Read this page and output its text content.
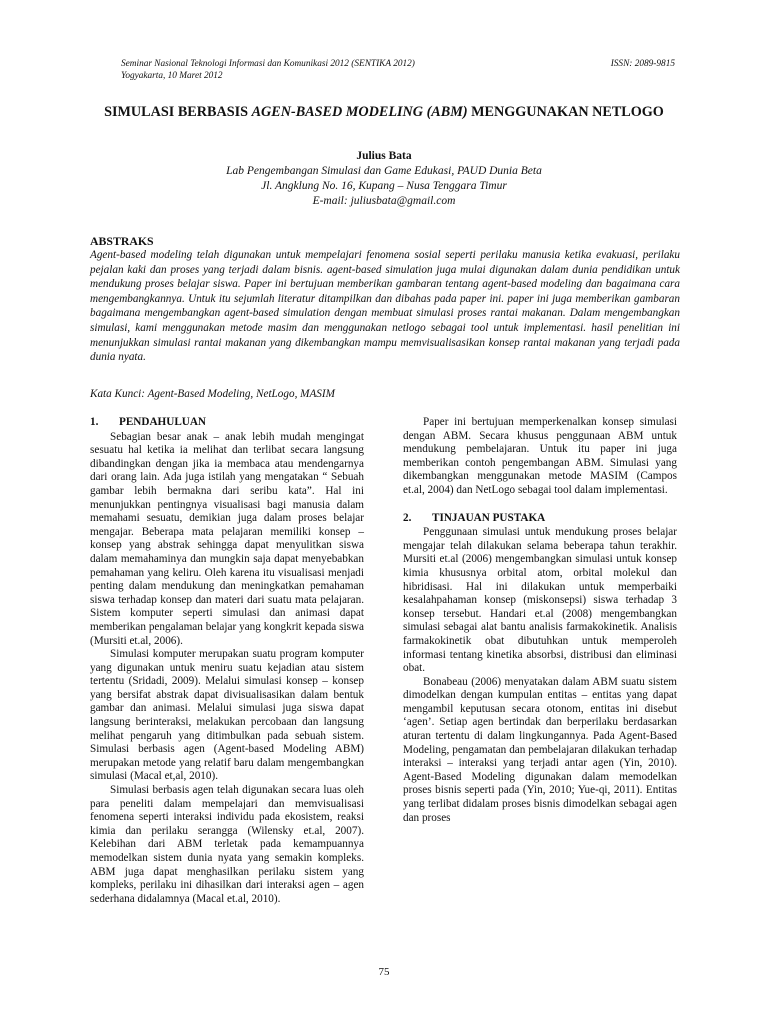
Seminar Nasional Teknologi Informasi dan Komunikasi 2012 (SENTIKA 2012)
Yogyakarta, 10 Maret 2012
ISSN: 2089-9815
SIMULASI BERBASIS AGEN-BASED MODELING (ABM) MENGGUNAKAN NETLOGO
Julius Bata
Lab Pengembangan Simulasi dan Game Edukasi, PAUD Dunia Beta
Jl. Angklung No. 16, Kupang – Nusa Tenggara Timur
E-mail: juliusbata@gmail.com
ABSTRAKS
Agent-based modeling telah digunakan untuk mempelajari fenomena sosial seperti perilaku manusia ketika evakuasi, perilaku pejalan kaki dan proses yang terjadi dalam bisnis. agent-based simulation juga mulai digunakan dalam dunia pendidikan untuk mendukung proses belajar siswa. Paper ini bertujuan memberikan gambaran tentang agent-based modeling dan bagaimana cara mengembangkannya. Untuk itu sejumlah literatur ditampilkan dan dibahas pada paper ini. paper ini juga memberikan gambaran bagaimana mengembangkan agent-based simulation dengan membuat simulasi proses rantai makanan. Dalam mengembangkan simulasi, kami menggunakan metode masim dan menggunakan netlogo sebagai tool untuk implementasi. hasil penelitian ini menunjukkan simulasi rantai makanan yang dikembangkan mampu memvisualisasikan konsep rantai makanan yang terjadi pada dunia nyata.
Kata Kunci: Agent-Based Modeling, NetLogo, MASIM
1. PENDAHULUAN

Sebagian besar anak – anak lebih mudah mengingat sesuatu hal ketika ia melihat dan terlibat secara langsung dibandingkan dengan jika ia membaca atau mendengarnya dari orang lain. Ada juga istilah yang mengatakan “ Sebuah gambar lebih bermakna dari seribu kata”. Hal ini menunjukkan pentingnya visualisasi bagi manusia dalam memahami sesuatu, demikian juga dalam proses belajar mengajar. Beberapa mata pelajaran memiliki konsep – konsep yang abstrak sehingga dapat menyulitkan siswa dalam memahaminya dan mungkin saja dapat menyebabkan pemahaman yang keliru. Oleh karena itu visualisasi menjadi penting dalam mendukung dan meningkatkan pemahaman siswa terhadap konsep dan materi dari suatu mata pelajaran. Sistem komputer seperti simulasi dan animasi dapat memberikan pengalaman belajar yang kongkrit kepada siswa (Mursiti et.al, 2006).

Simulasi komputer merupakan suatu program komputer yang digunakan untuk meniru suatu kejadian atau sistem tertentu (Sridadi, 2009). Melalui simulasi konsep – konsep yang bersifat abstrak dapat divisualisasikan dalam bentuk gambar dan animasi. Melalui simulasi juga siswa dapat langsung berinteraksi, melakukan percobaan dan langsung melihat pengaruh yang ditimbulkan pada sebuah sistem. Simulasi berbasis agen (Agent-based Modeling ABM) merupakan metode yang relatif baru dalam mengembangkan simulasi (Macal et,al, 2010).

Simulasi berbasis agen telah digunakan secara luas oleh para peneliti dalam mempelajari dan memvisualisasi fenomena seperti interaksi individu pada ekosistem, reaksi kimia dan perilaku serangga (Wilensky et.al, 2007). Kelebihan dari ABM terletak pada kemampuannya memodelkan sistem dunia nyata yang semakin kompleks. ABM juga dapat menghasilkan perilaku sistem yang kompleks, perilaku ini dihasilkan dari interaksi agen – agen sederhana didalamnya (Macal et.al, 2010).

Paper ini bertujuan memperkenalkan konsep simulasi dengan ABM. Secara khusus penggunaan ABM untuk mendukung pembelajaran. Untuk itu paper ini juga memberikan contoh pengembangan ABM. Simulasi yang dikembangkan menggunakan metode MASIM (Campos et.al, 2004) dan NetLogo sebagai tool dalam implementasi.

2. TINJAUAN PUSTAKA

Penggunaan simulasi untuk mendukung proses belajar mengajar telah dilakukan selama beberapa tahun terakhir. Mursiti et.al (2006) mengembangkan simulasi untuk konsep kimia khususnya orbital atom, orbital molekul dan hibridisasi. Hal ini dilakukan untuk memperbaiki kesalahpahaman konsep (miskonsepsi) siswa terhadap 3 konsep tersebut. Handari et.al (2008) mengembangkan simulasi sebagai alat bantu analisis farmakokinetik. Analisis farmakokinetik obat dibutuhkan untuk memperoleh informasi tentang kinetika absorbsi, distribusi dan eliminasi obat.

Bonabeau (2006) menyatakan dalam ABM suatu sistem dimodelkan dengan kumpulan entitas – entitas yang dapat mengambil keputusan secara otonom, entitas ini disebut ‘agen’. Setiap agen bertindak dan berperilaku berdasarkan aturan tertentu di dalam lingkungannya. Pada Agent-Based Modeling, pengamatan dan pembelajaran dilakukan terhadap interaksi – interaksi yang terjadi antar agen (Yin, 2010). Agent-Based Modeling digunakan dalam memodelkan proses bisnis seperti pada (Yin, 2010; Yue-qi, 2011). Entitas yang terlibat didalam proses bisnis dimodelkan sebagai agen dan proses

75
